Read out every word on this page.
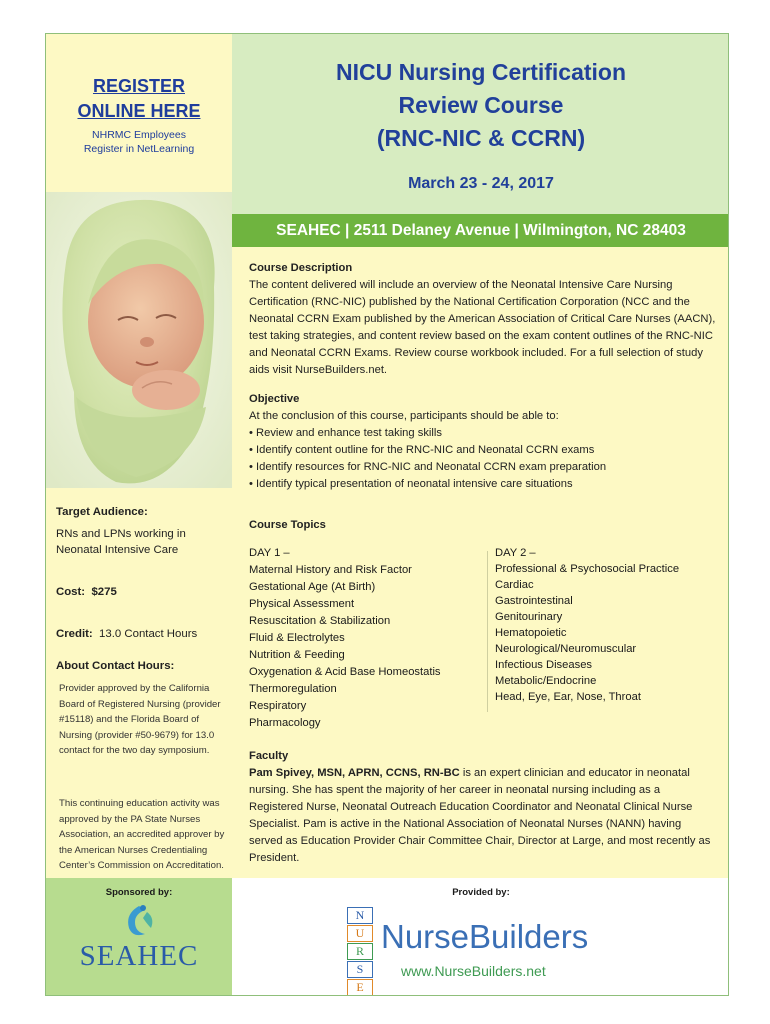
REGISTER
ONLINE HERE
NHRMC Employees
Register in NetLearning
Target Audience:
RNs and LPNs working in Neonatal Intensive Care
Cost: $275
Credit: 13.0 Contact Hours
About Contact Hours:
Provider approved by the California Board of Registered Nursing (provider #15118) and the Florida Board of Nursing (provider #50-9679) for 13.0 contact for the two day symposium.
This continuing education activity was approved by the PA State Nurses Association, an accredited approver by the American Nurses Credentialing Center’s Commission on Accreditation.
NICU Nursing Certification
Review Course
(RNC-NIC & CCRN)
March 23 - 24, 2017
SEAHEC | 2511 Delaney Avenue | Wilmington, NC 28403
Course Description

The content delivered will include an overview of the Neonatal Intensive Care Nursing Certification (RNC-NIC) published by the National Certification Corporation (NCC and the Neonatal CCRN Exam published by the American Association of Critical Care Nurses (AACN), test taking strategies, and content review based on the exam content outlines of the RNC-NIC and Neonatal CCRN Exams. Review course workbook included. For a full selection of study aids visit NurseBuilders.net.

Objective

At the conclusion of this course, participants should be able to:

• Review and enhance test taking skills
• Identify content outline for the RNC-NIC and Neonatal CCRN exams
• Identify resources for RNC-NIC and Neonatal CCRN exam preparation
• Identify typical presentation of neonatal intensive care situations
Course Topics
DAY 1 –
Maternal History and Risk Factor
Gestational Age (At Birth)
Physical Assessment
Resuscitation & Stabilization
Fluid & Electrolytes
Nutrition & Feeding
Oxygenation & Acid Base Homeostatis
Thermoregulation
Respiratory
Pharmacology
DAY 2 –
Professional & Psychosocial Practice
Cardiac
Gastrointestinal
Genitourinary
Hematopoietic
Neurological/Neuromuscular
Infectious Diseases
Metabolic/Endocrine
Head, Eye, Ear, Nose, Throat
Faculty

Pam Spivey, MSN, APRN, CCNS, RN-BC is an expert clinician and educator in neonatal nursing. She has spent the majority of her career in neonatal nursing including as a Registered Nurse, Neonatal Outreach Education Coordinator and Neonatal Clinical Nurse Specialist. Pam is active in the National Association of Neonatal Nurses (NANN) having served as Education Provider Chair Committee Chair, Director at Large, and most recently as President.

Sponsored by:
SEAHEC
Provided by:
N
U
R
S
E
NurseBuilders
www.NurseBuilders.net
